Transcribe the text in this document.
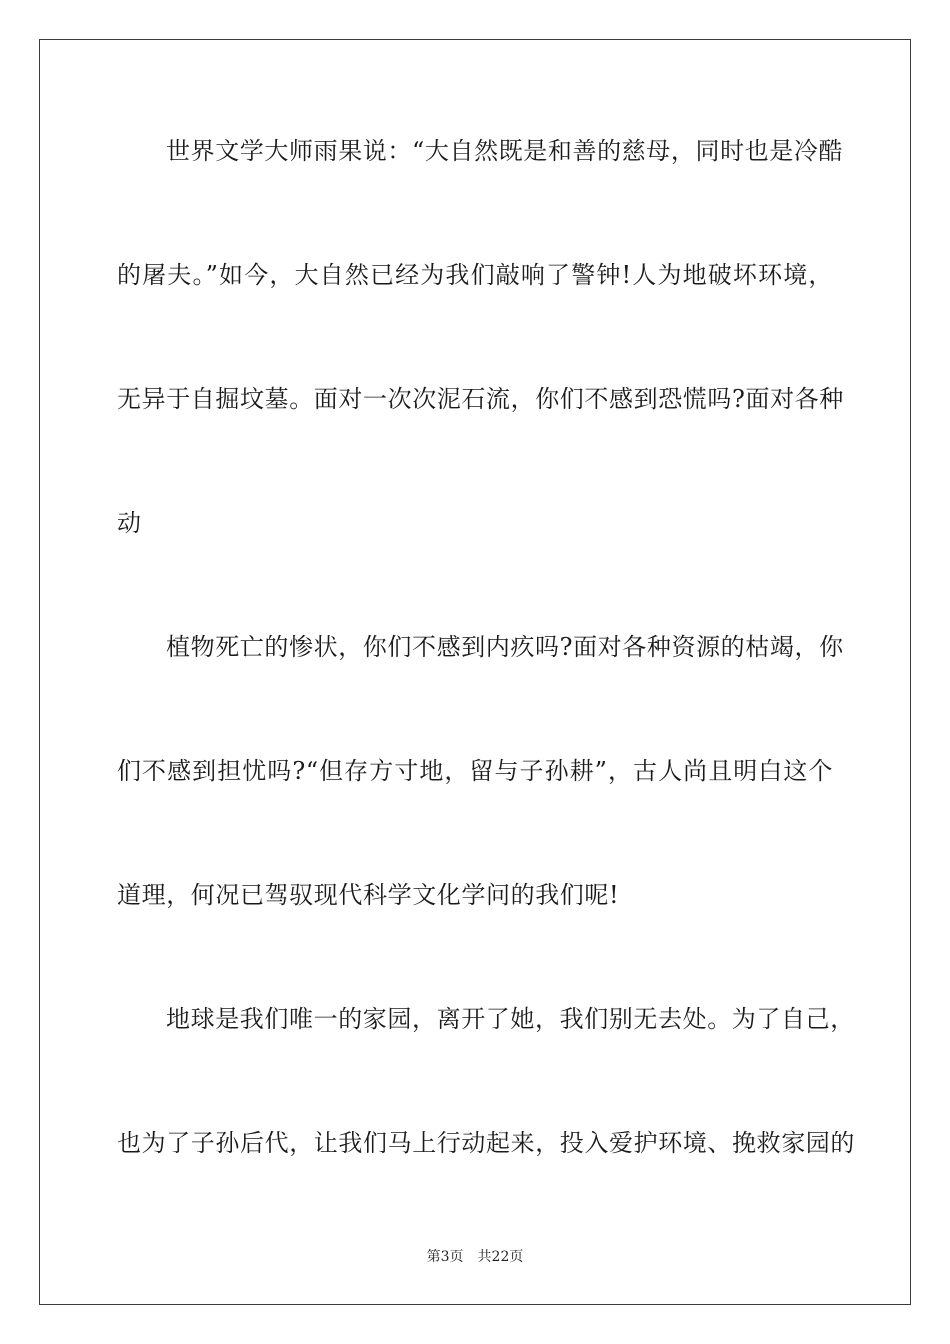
世界文学大师雨果说：“大自然既是和善的慈母，同时也是冷酷
的屠夫。”如今，大自然已经为我们敲响了警钟!人为地破坏环境，
无异于自掘坟墓。面对一次次泥石流，你们不感到恐慌吗?面对各种
动
植物死亡的惨状，你们不感到内疚吗?面对各种资源的枯竭，你
们不感到担忧吗?“但存方寸地，留与子孙耕”，古人尚且明白这个
道理，何况已驾驭现代科学文化学问的我们呢!
地球是我们唯一的家园，离开了她，我们别无去处。为了自己，
也为了子孙后代，让我们马上行动起来，投入爱护环境、挽救家园的
第3页 共22页
